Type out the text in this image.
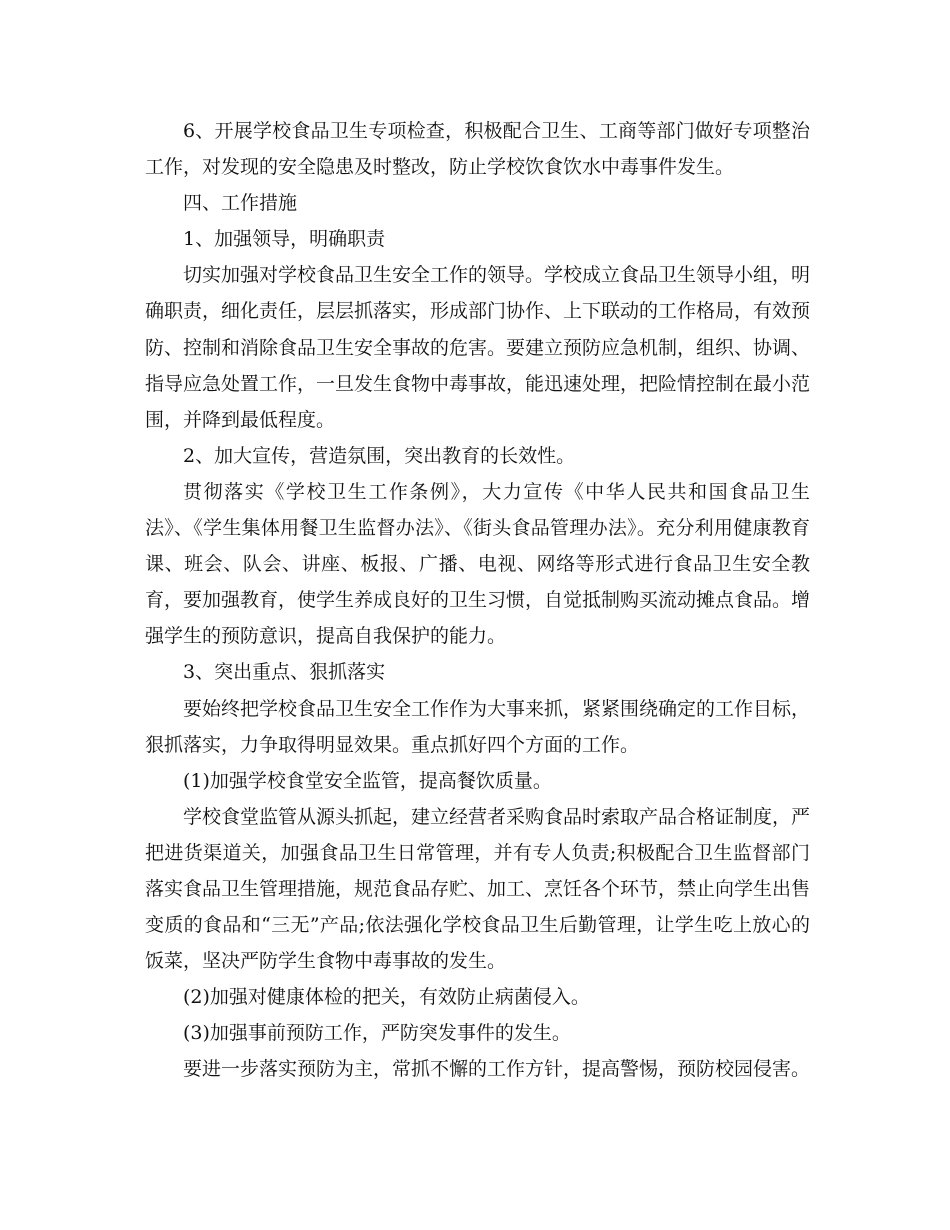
6、开展学校食品卫生专项检查，积极配合卫生、工商等部门做好专项整治工作，对发现的安全隐患及时整改，防止学校饮食饮水中毒事件发生。

四、工作措施

1、加强领导，明确职责

切实加强对学校食品卫生安全工作的领导。学校成立食品卫生领导小组，明确职责，细化责任，层层抓落实，形成部门协作、上下联动的工作格局，有效预防、控制和消除食品卫生安全事故的危害。要建立预防应急机制，组织、协调、指导应急处置工作，一旦发生食物中毒事故，能迅速处理，把险情控制在最小范围，并降到最低程度。

2、加大宣传，营造氛围，突出教育的长效性。

贯彻落实《学校卫生工作条例》，大力宣传《中华人民共和国食品卫生法》、《学生集体用餐卫生监督办法》、《街头食品管理办法》。充分利用健康教育课、班会、队会、讲座、板报、广播、电视、网络等形式进行食品卫生安全教育，要加强教育，使学生养成良好的卫生习惯，自觉抵制购买流动摊点食品。增强学生的预防意识，提高自我保护的能力。

3、突出重点、狠抓落实

要始终把学校食品卫生安全工作作为大事来抓，紧紧围绕确定的工作目标，狠抓落实，力争取得明显效果。重点抓好四个方面的工作。

(1)加强学校食堂安全监管，提高餐饮质量。

学校食堂监管从源头抓起，建立经营者采购食品时索取产品合格证制度，严把进货渠道关，加强食品卫生日常管理，并有专人负责;积极配合卫生监督部门落实食品卫生管理措施，规范食品存贮、加工、烹饪各个环节，禁止向学生出售变质的食品和“三无”产品;依法强化学校食品卫生后勤管理，让学生吃上放心的饭菜，坚决严防学生食物中毒事故的发生。

(2)加强对健康体检的把关，有效防止病菌侵入。

(3)加强事前预防工作，严防突发事件的发生。

要进一步落实预防为主，常抓不懈的工作方针，提高警惕，预防校园侵害。
